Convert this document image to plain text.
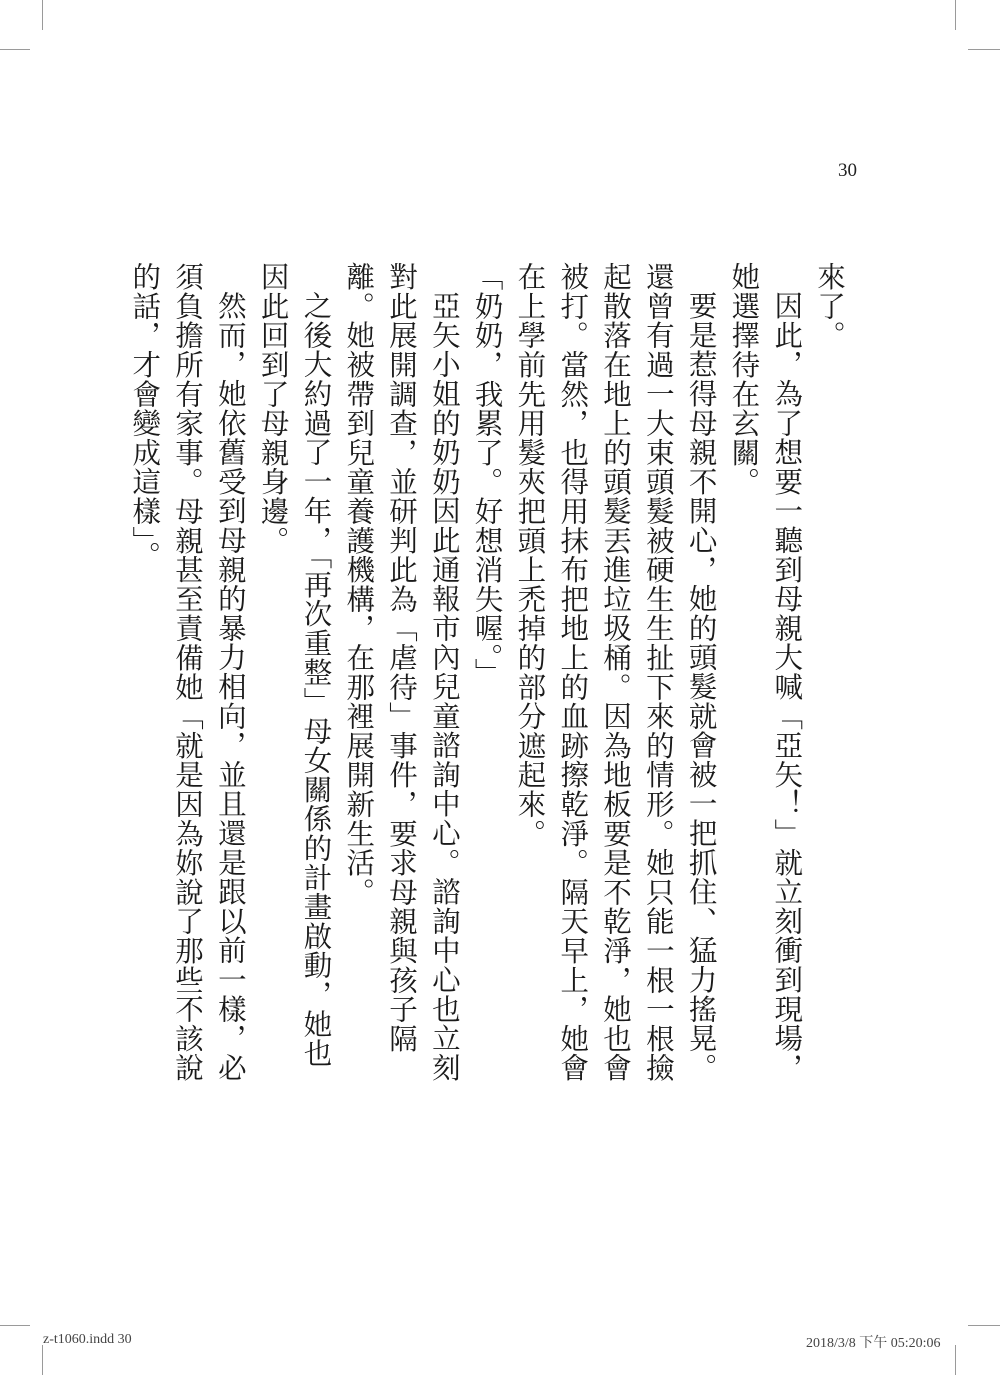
30

來了。

因此，為了想要一聽到母親大喊「亞矢！」就立刻衝到現場，她選擇待在玄關。

要是惹得母親不開心，她的頭髮就會被一把抓住、猛力搖晃。還曾有過一大束頭髮被硬生生扯下來的情形。她只能一根一根撿起散落在地上的頭髮丟進垃圾桶。因為地板要是不乾淨，她也會被打。當然，也得用抹布把地上的血跡擦乾淨。隔天早上，她會在上學前先用髮夾把頭上禿掉的部分遮起來。

「奶奶，我累了。好想消失喔。」

亞矢小姐的奶奶因此通報市內兒童諮詢中心。諮詢中心也立刻對此展開調查，並研判此為「虐待」事件，要求母親與孩子隔離。她被帶到兒童養護機構，在那裡展開新生活。

之後大約過了一年，「再次重整」母女關係的計畫啟動，她也因此回到了母親身邊。

然而，她依舊受到母親的暴力相向，並且還是跟以前一樣，必須負擔所有家事。母親甚至責備她「就是因為妳說了那些不該說的話，才會變成這樣」。

z-t1060.indd 30	2018/3/8 下午 05:20:06
